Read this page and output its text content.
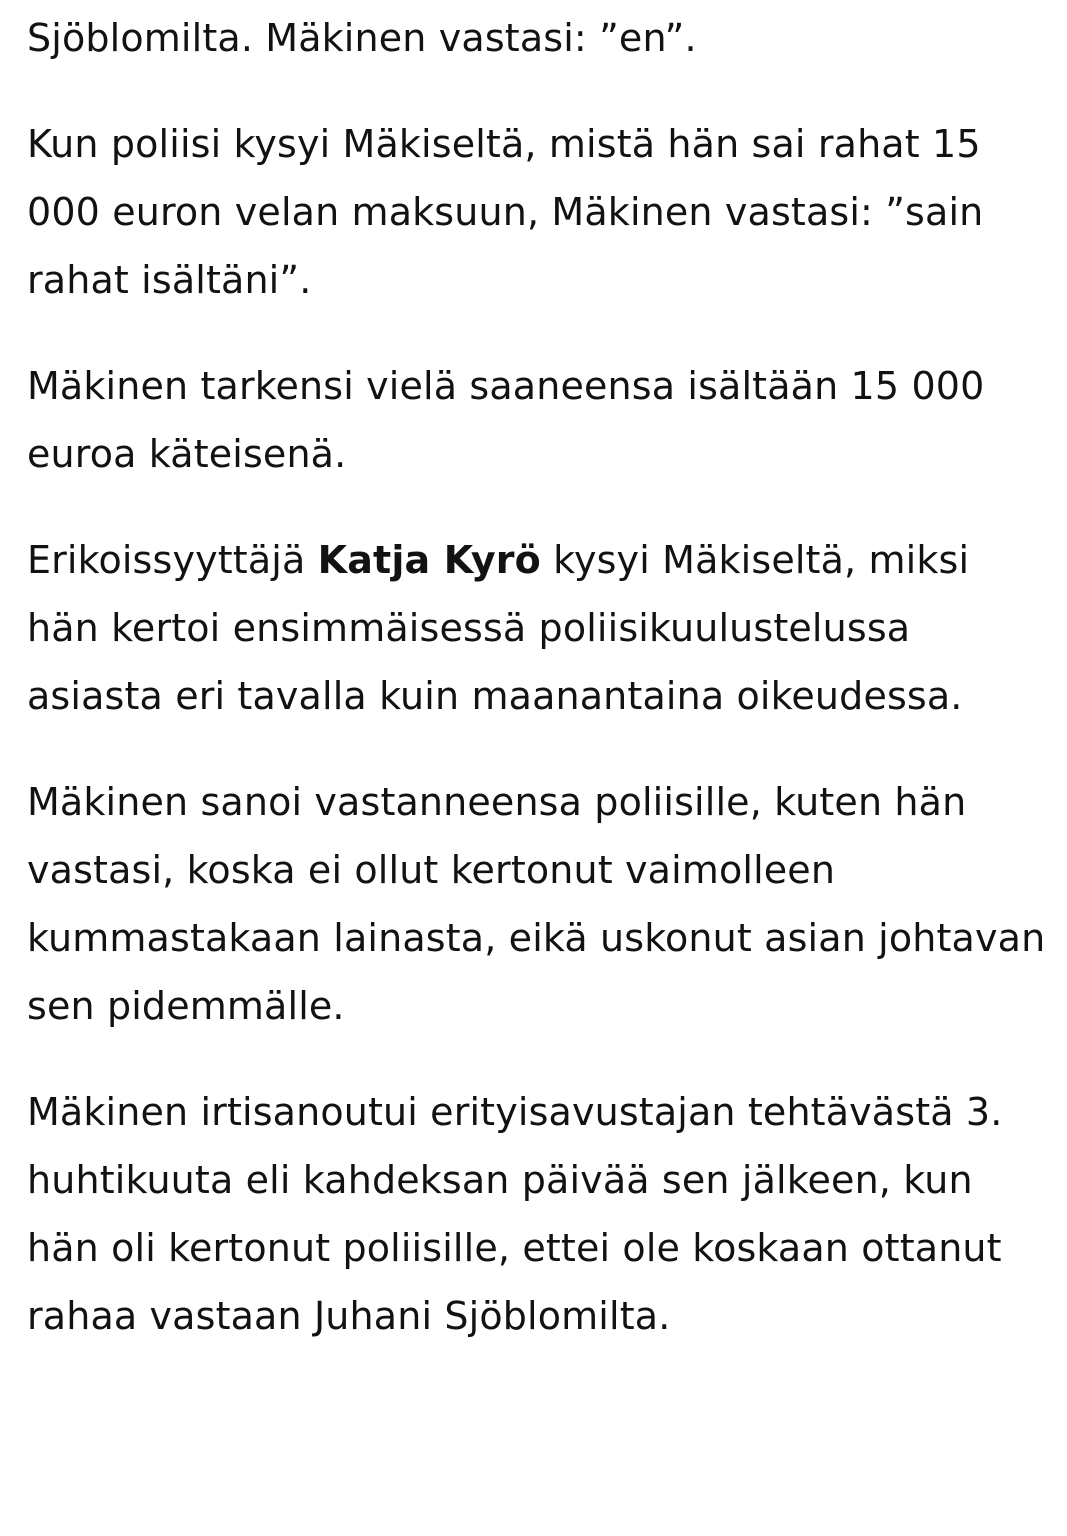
Sjöblomilta. Mäkinen vastasi: ”en”.

Kun poliisi kysyi Mäkiseltä, mistä hän sai rahat 15 000 euron velan maksuun, Mäkinen vastasi: ”sain rahat isältäni”.

Mäkinen tarkensi vielä saaneensa isältään 15 000 euroa käteisenä.

Erikoissyyttäjä Katja Kyrö kysyi Mäkiseltä, miksi hän kertoi ensimmäisessä poliisikuulustelussa asiasta eri tavalla kuin maanantaina oikeudessa.

Mäkinen sanoi vastanneensa poliisille, kuten hän vastasi, koska ei ollut kertonut vaimolleen kummastakaan lainasta, eikä uskonut asian johtavan sen pidemmälle.

Mäkinen irtisanoutui erityisavustajan tehtävästä 3. huhtikuuta eli kahdeksan päivää sen jälkeen, kun hän oli kertonut poliisille, ettei ole koskaan ottanut rahaa vastaan Juhani Sjöblomilta.
